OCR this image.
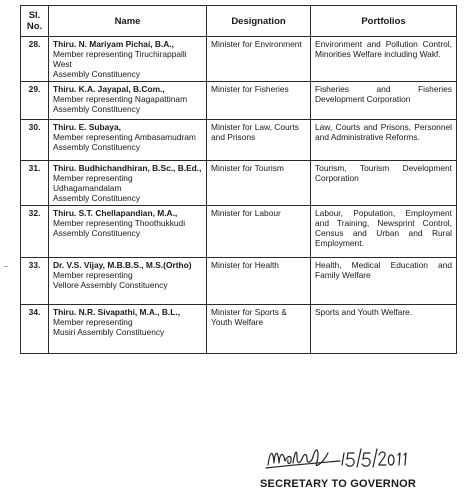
Sl. No.	Name	Designation	Portfolios
28.	Thiru. N. Mariyam Pichai, B.A.,
Member representing Tiruchirappalli West
Assembly Constituency	Minister for Environment	Environment and Pollution Control, Minorities Welfare including Wakf.
29.	Thiru. K.A. Jayapal, B.Com.,
Member representing Nagapattinam
Assembly Constituency	Minister for Fisheries	Fisheries and Fisheries Development Corporation
30.	Thiru. E. Subaya,
Member representing Ambasamudram
Assembly Constituency	Minister for Law, Courts and Prisons	Law, Courts and Prisons, Personnel and Administrative Reforms.
31.	Thiru. Budhichandhiran, B.Sc., B.Ed.,
Member representing Udhagamandalam
Assembly Constituency	Minister for Tourism	Tourism, Tourism Development Corporation
32.	Thiru. S.T. Chellapandian, M.A.,
Member representing Thoothukkudi
Assembly Constituency	Minister for Labour	Labour, Population, Employment and Training, Newsprint Control, Census and Urban and Rural Employment.
33.	Dr. V.S. Vijay, M.B.B.S., M.S.(Ortho)
Member representing
Vellore Assembly Constituency	Minister for Health	Health, Medical Education and Family Welfare
34.	Thiru. N.R. Sivapathi, M.A., B.L.,
Member representing
Musiri Assembly Constituency	Minister for Sports & Youth Welfare	Sports and Youth Welfare.
–
SECRETARY TO GOVERNOR
